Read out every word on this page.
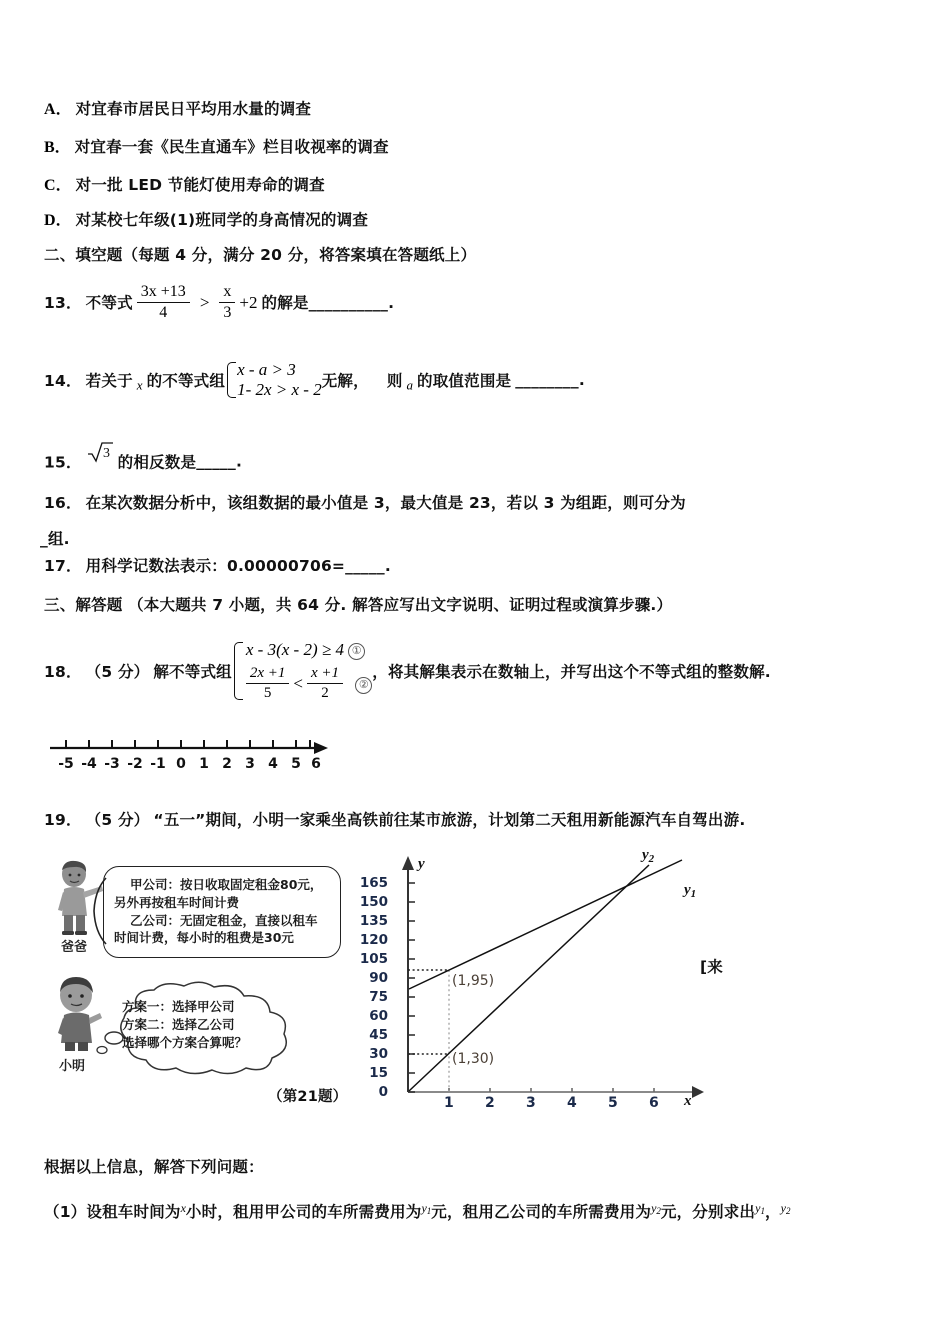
A． 对宜春市居民日平均用水量的调查
B． 对宜春一套《民生直通车》栏目收视率的调查
C． 对一批 LED 节能灯使用寿命的调查
D． 对某校七年级(1)班同学的身高情况的调查
二、填空题（每题 4 分，满分 20 分，将答案填在答题纸上）
13． 不等式 $\frac{3x +13}{4} > \frac{x}{3} +2$ 的解是__________.
14． 若关于 $_x$ 的不等式组
x - a > 3
1- 2x > x - 2 无解， 则 $_a$ 的取值范围是 ________.
15． 3 的相反数是_____.
16． 在某次数据分析中，该组数据的最小值是 3，最大值是 23，若以 3 为组距，则可分为
_组.
17． 用科学记数法表示：0.00000706=_____.
三、解答题 （本大题共 7 小题，共 64 分. 解答应写出文字说明、证明过程或演算步骤.）
18． （5 分） 解不等式组
x - 3(x - 2) ≥ 4 ①
$\frac{2x +1}{5} < \frac{x +1}{2}$ ②
，将其解集表示在数轴上，并写出这个不等式组的整数解.
-5 -4 -3 -2 -1 0 1 2 3 4 5 6
19． （5 分） “五一”期间，小明一家乘坐高铁前往某市旅游，计划第二天租用新能源汽车自驾出游.
爸爸
小明
甲公司：按日收取固定租金80元，
另外再按租车时间计费
乙公司：无固定租金，直接以租车
时间计费，每小时的租费是30元
方案一：选择甲公司
方案二：选择乙公司
选择哪个方案合算呢？
（第21题）
165
150
135
120
105
90
75
60
45
30
15
0
1 2 3 4 5 6
y
x
(1,95)
(1,30)
$y_2$
$y_1$
[来
根据以上信息，解答下列问题：
（1）设租车时间为$^x$小时，租用甲公司的车所需费用为$^{y1}$元，租用乙公司的车所需费用为$^{y2}$元，分别求出$^{y1}$，$^{y2}$
